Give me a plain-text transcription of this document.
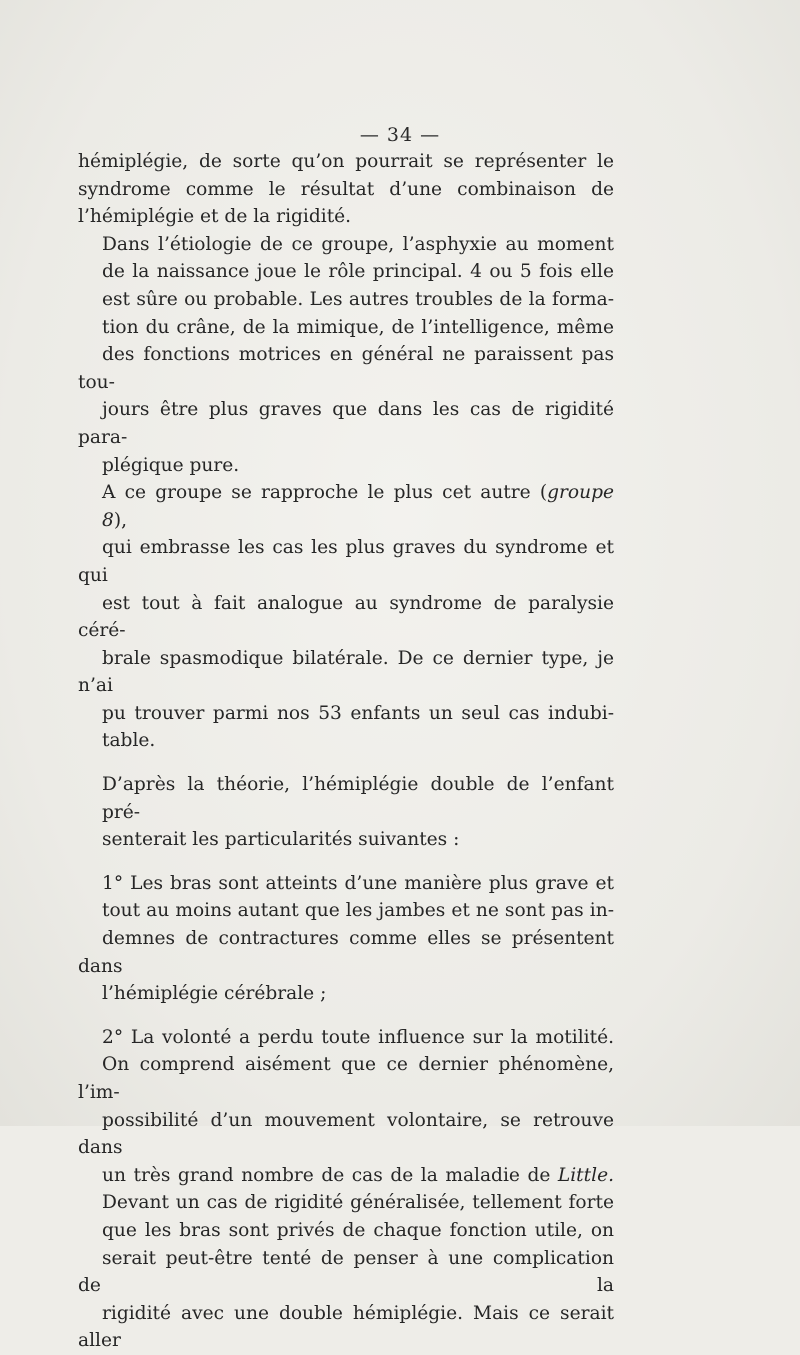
— 34 —

hémiplégie, de sorte qu’on pourrait se représenter le
syndrome comme le résultat d’une combinaison de
l’hémiplégie et de la rigidité.

Dans l’étiologie de ce groupe, l’asphyxie au moment
de la naissance joue le rôle principal. 4 ou 5 fois elle
est sûre ou probable. Les autres troubles de la forma-
tion du crâne, de la mimique, de l’intelligence, même
des fonctions motrices en général ne paraissent pas tou-
jours être plus graves que dans les cas de rigidité para-
plégique pure.

A ce groupe se rapproche le plus cet autre (groupe 8),
qui embrasse les cas les plus graves du syndrome et qui
est tout à fait analogue au syndrome de paralysie céré-
brale spasmodique bilatérale. De ce dernier type, je n’ai
pu trouver parmi nos 53 enfants un seul cas indubi-
table.

D’après la théorie, l’hémiplégie double de l’enfant pré-
senterait les particularités suivantes :

1° Les bras sont atteints d’une manière plus grave et
tout au moins autant que les jambes et ne sont pas in-
demnes de contractures comme elles se présentent dans
l’hémiplégie cérébrale ;

2° La volonté a perdu toute influence sur la motilité.
On comprend aisément que ce dernier phénomène, l’im-
possibilité d’un mouvement volontaire, se retrouve dans
un très grand nombre de cas de la maladie de Little.
Devant un cas de rigidité généralisée, tellement forte
que les bras sont privés de chaque fonction utile, on
serait peut-être tenté de penser à une complication de la
rigidité avec une double hémiplégie. Mais ce serait aller
